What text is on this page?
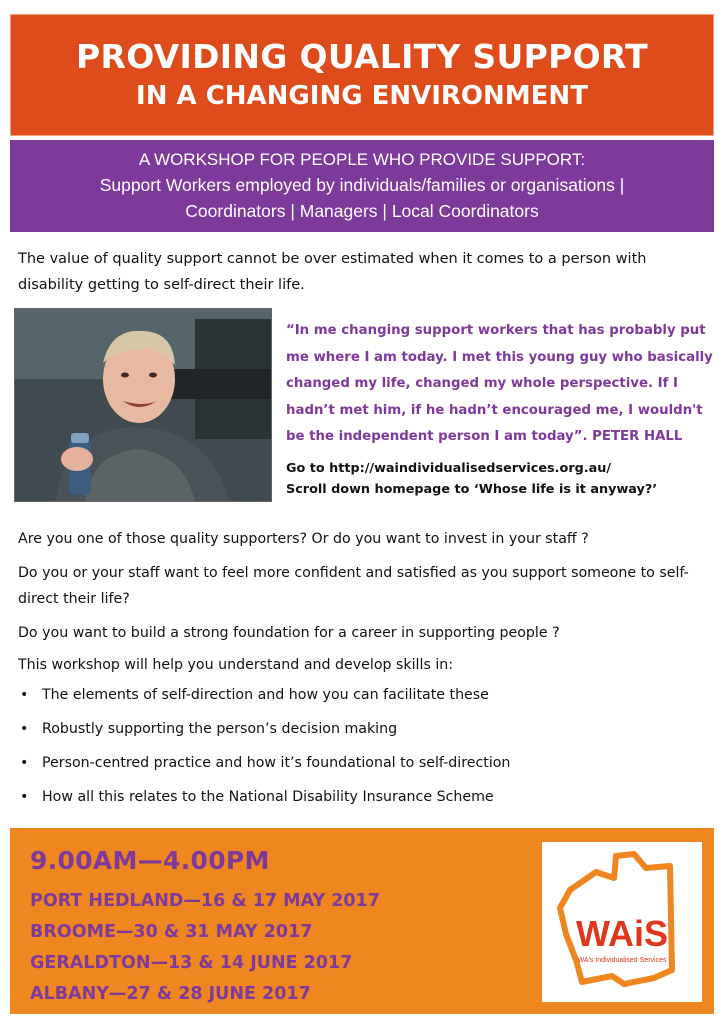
PROVIDING QUALITY SUPPORT
IN A CHANGING ENVIRONMENT
A WORKSHOP FOR PEOPLE WHO PROVIDE SUPPORT:
Support Workers employed by individuals/families or organisations |
Coordinators | Managers | Local Coordinators

The value of quality support cannot be over estimated when it comes to a person with disability getting to self-direct their life.

“In me changing support workers that has probably put me where I am today. I met this young guy who basically changed my life, changed my whole perspective. If I hadn’t met him, if he hadn’t encouraged me, I wouldn't be the independent person I am today”. PETER HALL
Go to http://waindividualisedservices.org.au/
Scroll down homepage to ‘Whose life is it anyway?’

Are you one of those quality supporters? Or do you want to invest in your staff ?

Do you or your staff want to feel more confident and satisfied as you support someone to self-direct their life?

Do you want to build a strong foundation for a career in supporting people ?

This workshop will help you understand and develop skills in:

• The elements of self-direction and how you can facilitate these
• Robustly supporting the person’s decision making
• Person-centred practice and how it’s foundational to self-direction
• How all this relates to the National Disability Insurance Scheme
9.00AM—4.00PM
PORT HEDLAND—16 & 17 MAY 2017
BROOME—30 & 31 MAY 2017
GERALDTON—13 & 14 JUNE 2017
ALBANY—27 & 28 JUNE 2017
WAiS
WA's Individualised Services
